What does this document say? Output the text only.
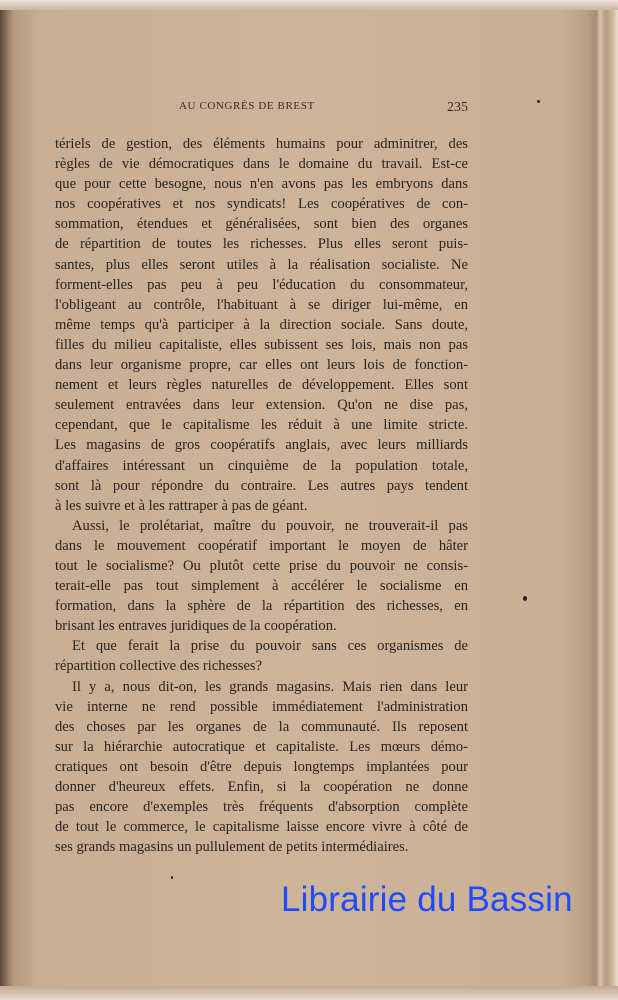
AU CONGRÈS DE BREST	235
tériels de gestion, des éléments humains pour adminitrer, des
règles de vie démocratiques dans le domaine du travail. Est-ce
que pour cette besogne, nous n'en avons pas les embryons dans
nos coopératives et nos syndicats! Les coopératives de con-
sommation, étendues et généralisées, sont bien des organes
de répartition de toutes les richesses. Plus elles seront puis-
santes, plus elles seront utiles à la réalisation socialiste. Ne
forment-elles pas peu à peu l'éducation du consommateur,
l'obligeant au contrôle, l'habituant à se diriger lui-même, en
même temps qu'à participer à la direction sociale. Sans doute,
filles du milieu capitaliste, elles subissent ses lois, mais non pas
dans leur organisme propre, car elles ont leurs lois de fonction-
nement et leurs règles naturelles de développement. Elles sont
seulement entravées dans leur extension. Qu'on ne dise pas,
cependant, que le capitalisme les réduit à une limite stricte.
Les magasins de gros coopératifs anglais, avec leurs milliards
d'affaires intéressant un cinquième de la population totale,
sont là pour répondre du contraire. Les autres pays tendent
à les suivre et à les rattraper à pas de géant.
Aussi, le prolétariat, maître du pouvoir, ne trouverait-il pas
dans le mouvement coopératif important le moyen de hâter
tout le socialisme? Ou plutôt cette prise du pouvoir ne consis-
terait-elle pas tout simplement à accélérer le socialisme en
formation, dans la sphère de la répartition des richesses, en
brisant les entraves juridiques de la coopération.
Et que ferait la prise du pouvoir sans ces organismes de
répartition collective des richesses?
Il y a, nous dit-on, les grands magasins. Mais rien dans leur
vie interne ne rend possible immédiatement l'administration
des choses par les organes de la communauté. Ils reposent
sur la hiérarchie autocratique et capitaliste. Les mœurs démo-
cratiques ont besoin d'être depuis longtemps implantées pour
donner d'heureux effets. Enfin, si la coopération ne donne
pas encore d'exemples très fréquents d'absorption complète
de tout le commerce, le capitalisme laisse encore vivre à côté de
ses grands magasins un pullulement de petits intermédiaires.
Librairie du Bassin
